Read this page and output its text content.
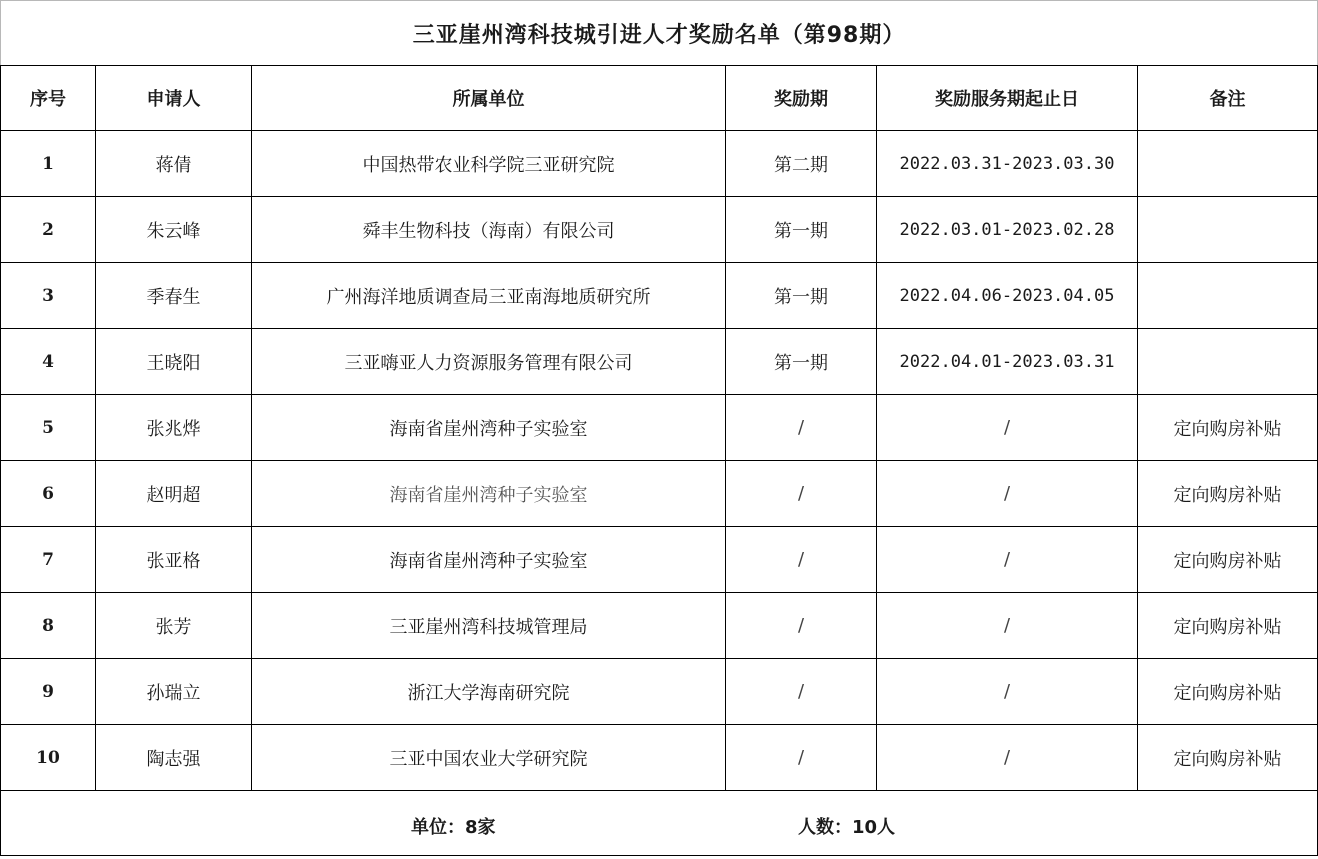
三亚崖州湾科技城引进人才奖励名单（第98期）					
序号	申请人	所属单位	奖励期	奖励服务期起止日	备注
1	蒋倩	中国热带农业科学院三亚研究院	第二期	2022.03.31-2023.03.30	
2	朱云峰	舜丰生物科技（海南）有限公司	第一期	2022.03.01-2023.02.28	
3	季春生	广州海洋地质调查局三亚南海地质研究所	第一期	2022.04.06-2023.04.05	
4	王晓阳	三亚嗨亚人力资源服务管理有限公司	第一期	2022.04.01-2023.03.31	
5	张兆烨	海南省崖州湾种子实验室	/	/	定向购房补贴
6	赵明超	海南省崖州湾种子实验室	/	/	定向购房补贴
7	张亚格	海南省崖州湾种子实验室	/	/	定向购房补贴
8	张芳	三亚崖州湾科技城管理局	/	/	定向购房补贴
9	孙瑞立	浙江大学海南研究院	/	/	定向购房补贴
10	陶志强	三亚中国农业大学研究院	/	/	定向购房补贴

单位：8家 人数：10人					
